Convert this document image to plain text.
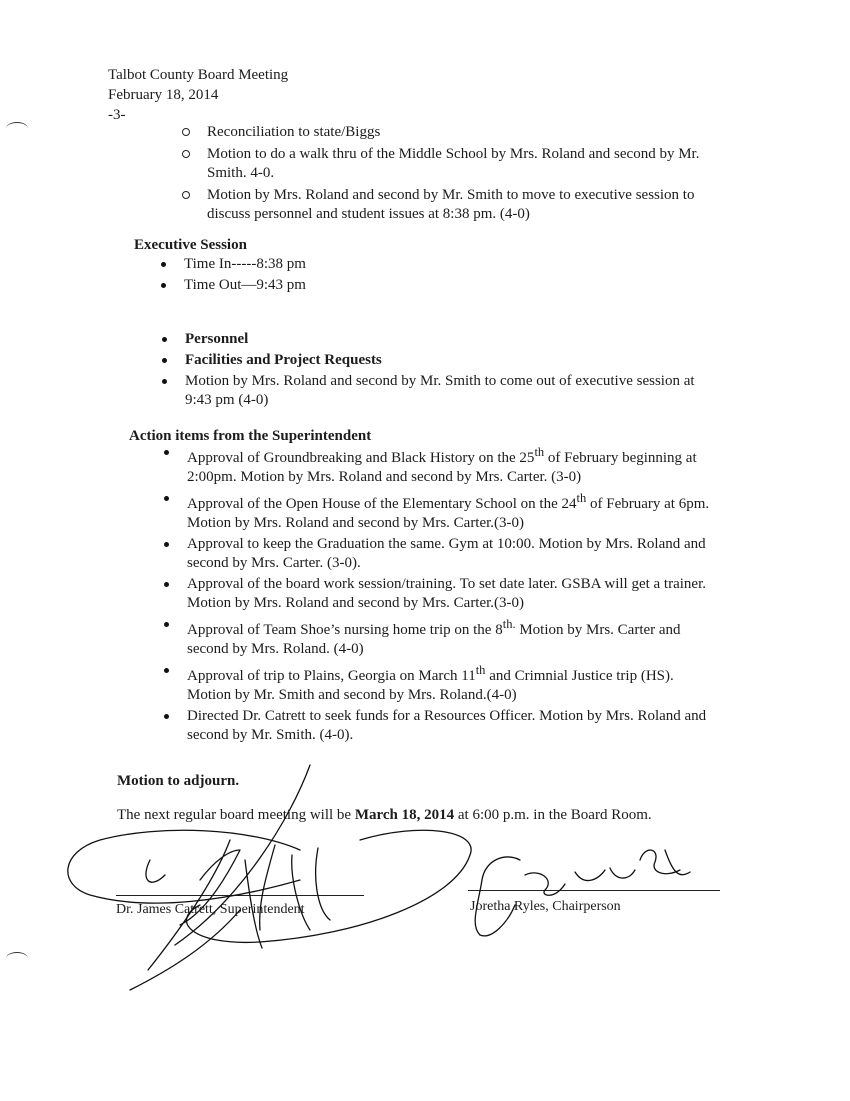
Talbot County Board Meeting
February 18, 2014
-3-
Reconciliation to state/Biggs
Motion to do a walk thru of the Middle School by Mrs. Roland and second by Mr. Smith. 4-0.
Motion by Mrs. Roland and second by Mr. Smith to move to executive session to discuss personnel and student issues at 8:38 pm. (4-0)
Executive Session
Time In-----8:38 pm
Time Out—9:43 pm
Personnel
Facilities and Project Requests
Motion by Mrs. Roland and second by Mr. Smith to come out of executive session at 9:43 pm (4-0)
Action items from the Superintendent
Approval of Groundbreaking and Black History on the 25th of February beginning at 2:00pm. Motion by Mrs. Roland and second by Mrs. Carter. (3-0)
Approval of the Open House of the Elementary School on the 24th of February at 6pm. Motion by Mrs. Roland and second by Mrs. Carter.(3-0)
Approval to keep the Graduation the same. Gym at 10:00. Motion by Mrs. Roland and second by Mrs. Carter. (3-0).
Approval of the board work session/training. To set date later. GSBA will get a trainer. Motion by Mrs. Roland and second by Mrs. Carter.(3-0)
Approval of Team Shoe’s nursing home trip on the $8^{th.}$ Motion by Mrs. Carter and second by Mrs. Roland. (4-0)
Approval of trip to Plains, Georgia on March 11th and Crimnial Justice trip (HS). Motion by Mr. Smith and second by Mrs. Roland.(4-0)
Directed Dr. Catrett to seek funds for a Resources Officer. Motion by Mrs. Roland and second by Mr. Smith. (4-0).
Motion to adjourn.
The next regular board meeting will be March 18, 2014 at 6:00 p.m. in the Board Room.
Dr. James Catrett, Superintendent	Joretha Ryles, Chairperson
